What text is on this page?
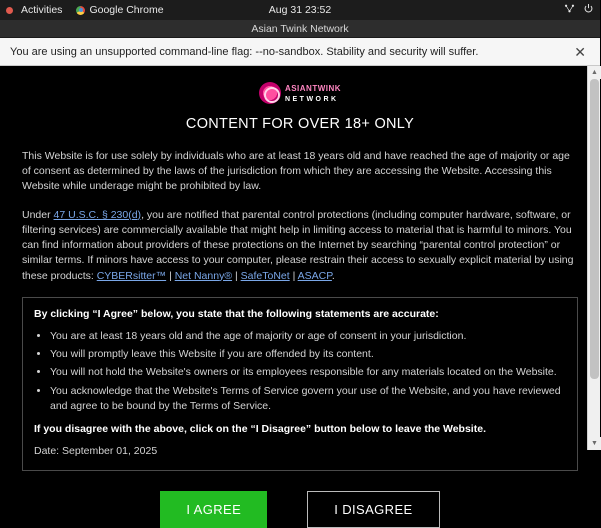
Activities	Google Chrome	Aug 31 23:52
Asian Twink Network
You are using an unsupported command-line flag: --no-sandbox. Stability and security will suffer.	✕
ASIANTWINK
NETWORK
CONTENT FOR OVER 18+ ONLY

This Website is for use solely by individuals who are at least 18 years old and have reached the age of majority or age of consent as determined by the laws of the jurisdiction from which they are accessing the Website. Accessing this Website while underage might be prohibited by law.

Under 47 U.S.C. § 230(d), you are notified that parental control protections (including computer hardware, software, or filtering services) are commercially available that might help in limiting access to material that is harmful to minors. You can find information about providers of these protections on the Internet by searching “parental control protection” or similar terms. If minors have access to your computer, please restrain their access to sexually explicit material by using these products: CYBERsitter™ | Net Nanny® | SafeToNet | ASACP.

By clicking “I Agree” below, you state that the following statements are accurate:

• You are at least 18 years old and the age of majority or age of consent in your jurisdiction.
• You will promptly leave this Website if you are offended by its content.
• You will not hold the Website's owners or its employees responsible for any materials located on the Website.
• You acknowledge that the Website's Terms of Service govern your use of the Website, and you have reviewed and agree to be bound by the Terms of Service.

If you disagree with the above, click on the “I Disagree” button below to leave the Website.

Date: September 01, 2025

I AGREE	I DISAGREE
▲
▼
